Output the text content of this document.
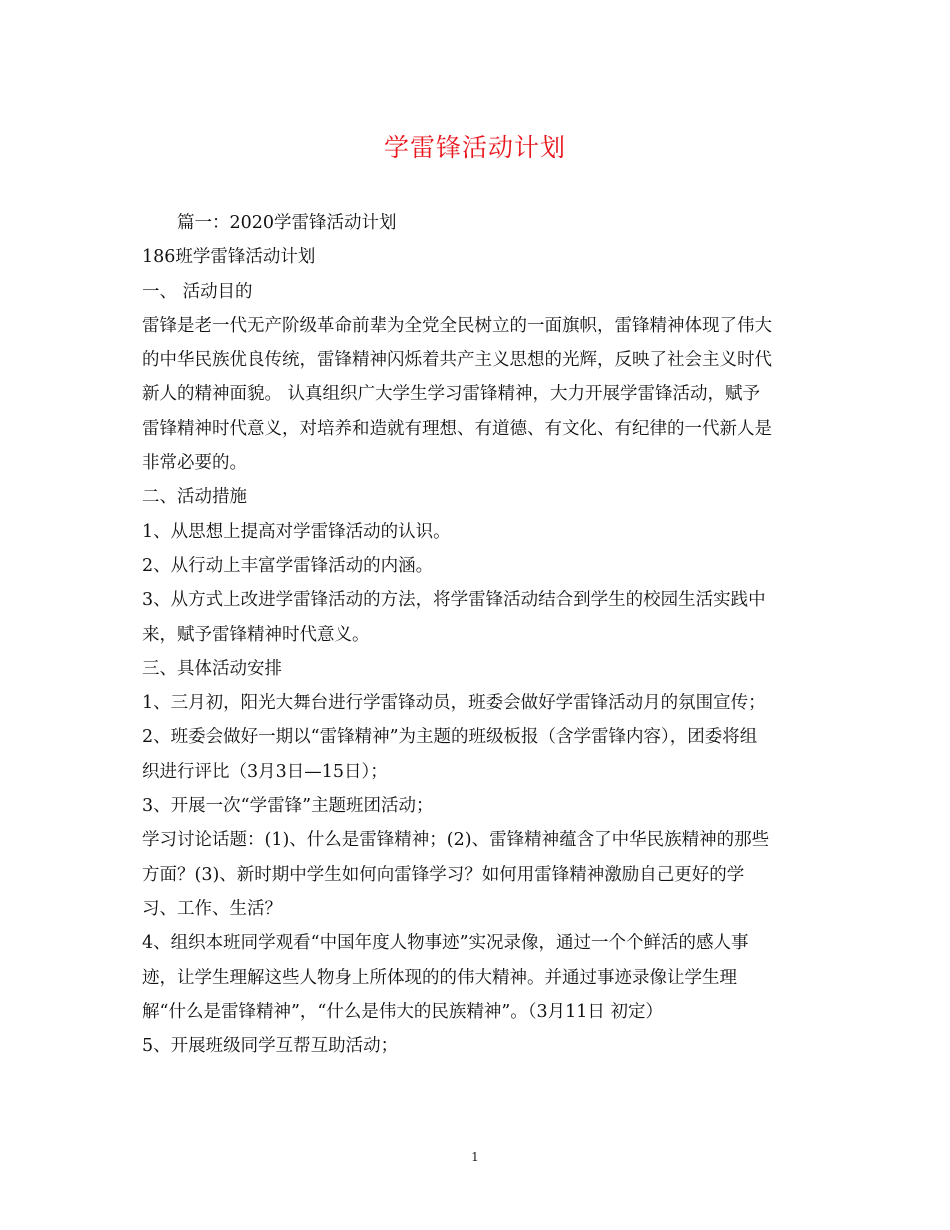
学雷锋活动计划
篇一：2020学雷锋活动计划
186班学雷锋活动计划
一、 活动目的
雷锋是老一代无产阶级革命前辈为全党全民树立的一面旗帜，雷锋精神体现了伟大
的中华民族优良传统，雷锋精神闪烁着共产主义思想的光辉，反映了社会主义时代
新人的精神面貌。 认真组织广大学生学习雷锋精神，大力开展学雷锋活动，赋予
雷锋精神时代意义，对培养和造就有理想、有道德、有文化、有纪律的一代新人是
非常必要的。
二、活动措施
1、从思想上提高对学雷锋活动的认识。
2、从行动上丰富学雷锋活动的内涵。
3、从方式上改进学雷锋活动的方法，将学雷锋活动结合到学生的校园生活实践中
来，赋予雷锋精神时代意义。
三、具体活动安排
1、三月初，阳光大舞台进行学雷锋动员，班委会做好学雷锋活动月的氛围宣传；
2、班委会做好一期以“雷锋精神”为主题的班级板报（含学雷锋内容），团委将组
织进行评比（3月3日—15日）；
3、开展一次“学雷锋”主题班团活动；
学习讨论话题：(1)、什么是雷锋精神；(2)、雷锋精神蕴含了中华民族精神的那些
方面？(3)、新时期中学生如何向雷锋学习？如何用雷锋精神激励自己更好的学
习、工作、生活？
4、组织本班同学观看“中国年度人物事迹”实况录像，通过一个个鲜活的感人事
迹，让学生理解这些人物身上所体现的的伟大精神。并通过事迹录像让学生理
解“什么是雷锋精神”，“什么是伟大的民族精神”。（3月11日 初定）
5、开展班级同学互帮互助活动；
1
